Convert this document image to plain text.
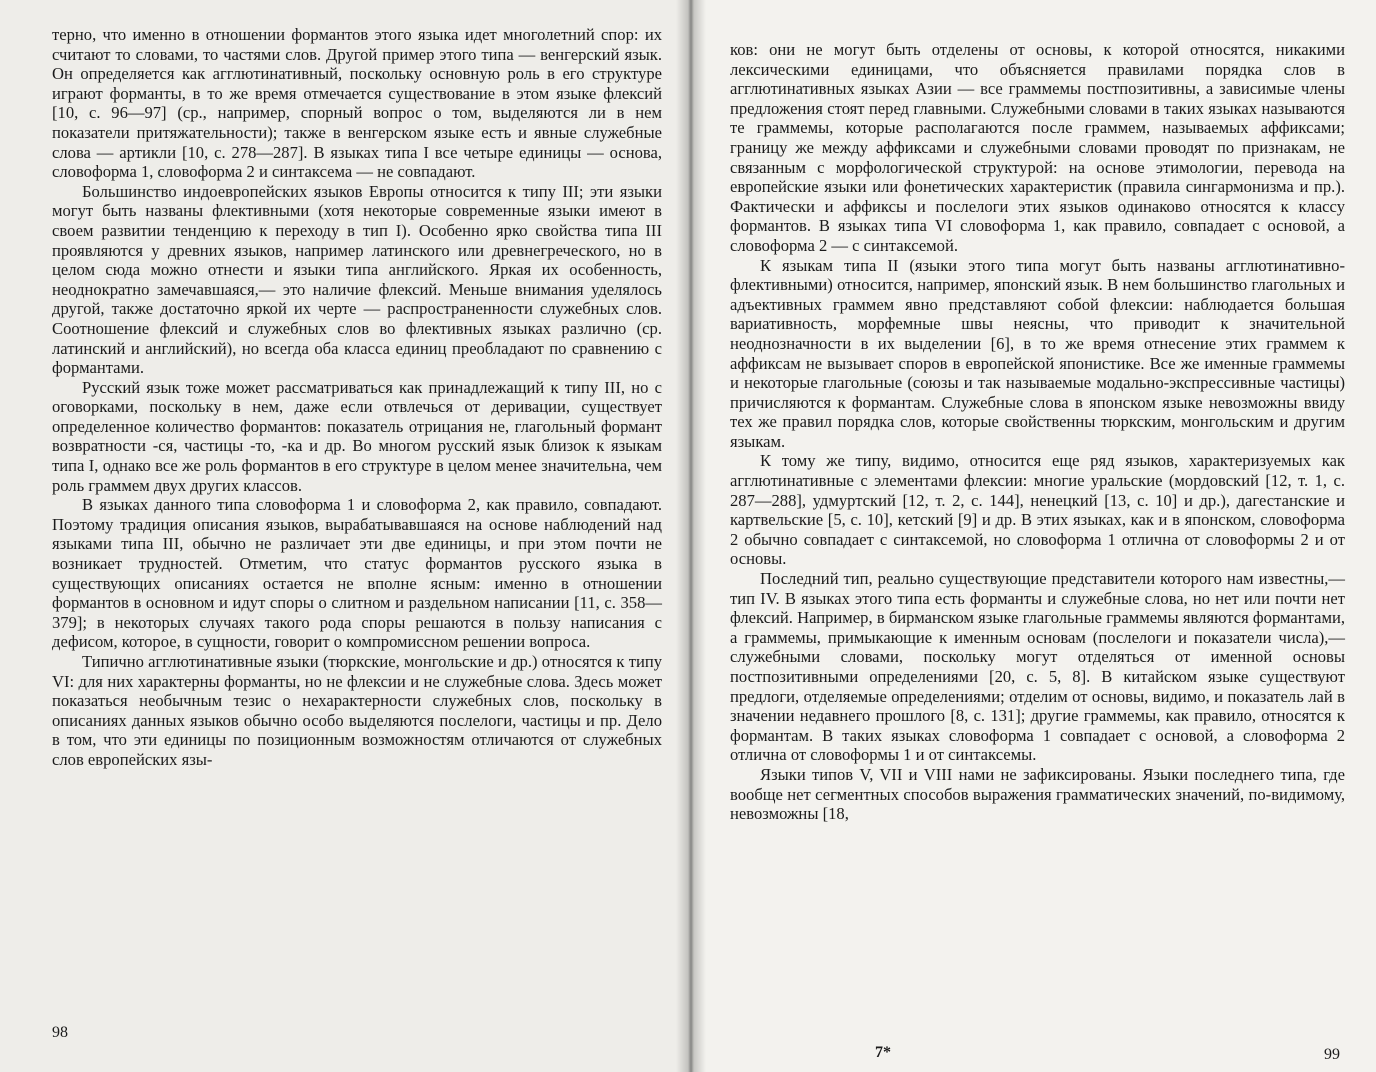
терно, что именно в отношении формантов этого языка идет многолетний спор: их считают то словами, то частями слов. Другой пример этого типа — венгерский язык. Он определяется как агглютинативный, поскольку основную роль в его структуре играют форманты, в то же время отмечается существование в этом языке флексий [10, с. 96—97] (ср., например, спорный вопрос о том, выделяются ли в нем показатели притяжательности); также в венгерском языке есть и явные служебные слова — артикли [10, с. 278—287]. В языках типа I все четыре единицы — основа, словоформа 1, словоформа 2 и синтаксема — не совпадают.

Большинство индоевропейских языков Европы относится к типу III; эти языки могут быть названы флективными (хотя некоторые современные языки имеют в своем развитии тенденцию к переходу в тип I). Особенно ярко свойства типа III проявляются у древних языков, например латинского или древнегреческого, но в целом сюда можно отнести и языки типа английского. Яркая их особенность, неоднократно замечавшаяся,— это наличие флексий. Меньше внимания уделялось другой, также достаточно яркой их черте — распространенности служебных слов. Соотношение флексий и служебных слов во флективных языках различно (ср. латинский и английский), но всегда оба класса единиц преобладают по сравнению с формантами.

Русский язык тоже может рассматриваться как принадлежащий к типу III, но с оговорками, поскольку в нем, даже если отвлечься от деривации, существует определенное количество формантов: показатель отрицания не, глагольный формант возвратности -ся, частицы -то, -ка и др. Во многом русский язык близок к языкам типа I, однако все же роль формантов в его структуре в целом менее значительна, чем роль граммем двух других классов.

В языках данного типа словоформа 1 и словоформа 2, как правило, совпадают. Поэтому традиция описания языков, вырабатывавшаяся на основе наблюдений над языками типа III, обычно не различает эти две единицы, и при этом почти не возникает трудностей. Отметим, что статус формантов русского языка в существующих описаниях остается не вполне ясным: именно в отношении формантов в основном и идут споры о слитном и раздельном написании [11, с. 358—379]; в некоторых случаях такого рода споры решаются в пользу написания с дефисом, которое, в сущности, говорит о компромиссном решении вопроса.

Типично агглютинативные языки (тюркские, монгольские и др.) относятся к типу VI: для них характерны форманты, но не флексии и не служебные слова. Здесь может показаться необычным тезис о нехарактерности служебных слов, поскольку в описаниях данных языков обычно особо выделяются послелоги, частицы и пр. Дело в том, что эти единицы по позиционным возможностям отличаются от служебных слов европейских язы-

98

ков: они не могут быть отделены от основы, к которой относятся, никакими лексическими единицами, что объясняется правилами порядка слов в агглютинативных языках Азии — все граммемы постпозитивны, а зависимые члены предложения стоят перед главными. Служебными словами в таких языках называются те граммемы, которые располагаются после граммем, называемых аффиксами; границу же между аффиксами и служебными словами проводят по признакам, не связанным с морфологической структурой: на основе этимологии, перевода на европейские языки или фонетических характеристик (правила сингармонизма и пр.). Фактически и аффиксы и послелоги этих языков одинаково относятся к классу формантов. В языках типа VI словоформа 1, как правило, совпадает с основой, а словоформа 2 — с синтаксемой.

К языкам типа II (языки этого типа могут быть названы агглютинативно-флективными) относится, например, японский язык. В нем большинство глагольных и адъективных граммем явно представляют собой флексии: наблюдается большая вариативность, морфемные швы неясны, что приводит к значительной неоднозначности в их выделении [6], в то же время отнесение этих граммем к аффиксам не вызывает споров в европейской японистике. Все же именные граммемы и некоторые глагольные (союзы и так называемые модально-экспрессивные частицы) причисляются к формантам. Служебные слова в японском языке невозможны ввиду тех же правил порядка слов, которые свойственны тюркским, монгольским и другим языкам.

К тому же типу, видимо, относится еще ряд языков, характеризуемых как агглютинативные с элементами флексии: многие уральские (мордовский [12, т. 1, с. 287—288], удмуртский [12, т. 2, с. 144], ненецкий [13, с. 10] и др.), дагестанские и картвельские [5, с. 10], кетский [9] и др. В этих языках, как и в японском, словоформа 2 обычно совпадает с синтаксемой, но словоформа 1 отлична от словоформы 2 и от основы.

Последний тип, реально существующие представители которого нам известны,— тип IV. В языках этого типа есть форманты и служебные слова, но нет или почти нет флексий. Например, в бирманском языке глагольные граммемы являются формантами, а граммемы, примыкающие к именным основам (послелоги и показатели числа),— служебными словами, поскольку могут отделяться от именной основы постпозитивными определениями [20, с. 5, 8]. В китайском языке существуют предлоги, отделяемые определениями; отделим от основы, видимо, и показатель лай в значении недавнего прошлого [8, с. 131]; другие граммемы, как правило, относятся к формантам. В таких языках словоформа 1 совпадает с основой, а словоформа 2 отлична от словоформы 1 и от синтаксемы.

Языки типов V, VII и VIII нами не зафиксированы. Языки последнего типа, где вообще нет сегментных способов выражения грамматических значений, по-видимому, невозможны [18,

7*	99
